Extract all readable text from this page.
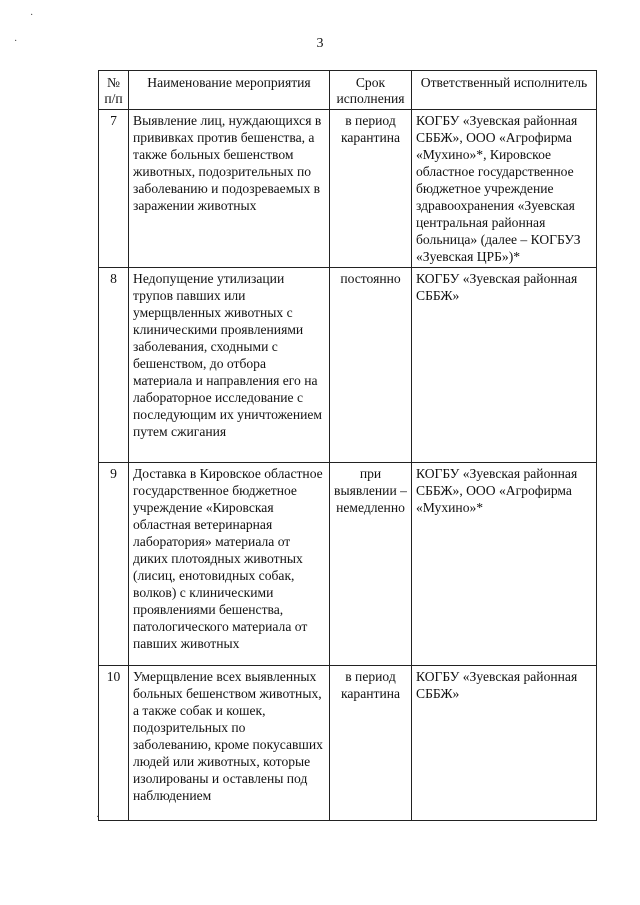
3
№ п/п	Наименование мероприятия	Срок исполнения	Ответственный исполнитель
7	Выявление лиц, нуждающихся в прививках против бешенства, а также больных бешенством животных, подозрительных по заболеванию и подозреваемых в заражении животных	в период карантина	КОГБУ «Зуевская районная СББЖ», ООО «Агрофирма «Мухино»*, Кировское областное государственное бюджетное учреждение здравоохранения «Зуевская центральная районная больница» (далее – КОГБУЗ «Зуевская ЦРБ»)*
8	Недопущение утилизации трупов павших или умерщвленных животных с клиническими проявлениями заболевания, сходными с бешенством, до отбора материала и направления его на лабораторное исследование с последующим их уничтожением путем сжигания	постоянно	КОГБУ «Зуевская районная СББЖ»
9	Доставка в Кировское областное государственное бюджетное учреждение «Кировская областная ветеринарная лаборатория» материала от диких плотоядных животных (лисиц, енотовидных собак, волков) с клиническими проявлениями бешенства, патологического материала от павших животных	при выявлении – немедленно	КОГБУ «Зуевская районная СББЖ», ООО «Агрофирма «Мухино»*
10	Умерщвление всех выявленных больных бешенством животных, а также собак и кошек, подозрительных по заболеванию, кроме покусавших людей или животных, которые изолированы и оставлены под наблюдением	в период карантина	КОГБУ «Зуевская районная СББЖ»
·
·
·
